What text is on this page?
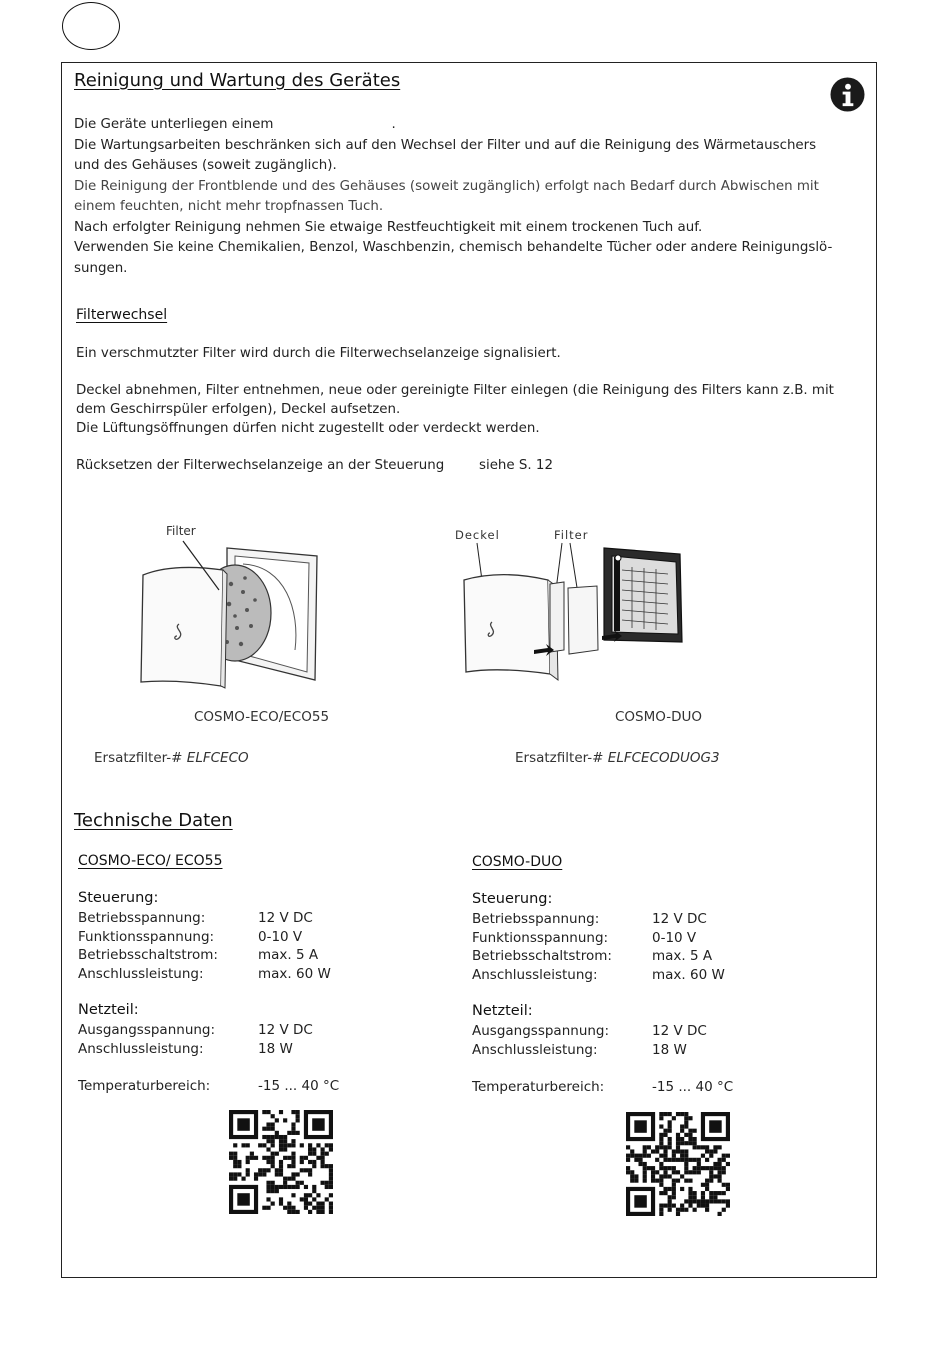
Reinigung und Wartung des Gerätes
Die Geräte unterliegen einem	.
Die Wartungsarbeiten beschränken sich auf den Wechsel der Filter und auf die Reinigung des Wärmetauschers
und des Gehäuses (soweit zugänglich).
Die Reinigung der Frontblende und des Gehäuses (soweit zugänglich) erfolgt nach Bedarf durch Abwischen mit
einem feuchten, nicht mehr tropfnassen Tuch.
Nach erfolgter Reinigung nehmen Sie etwaige Restfeuchtigkeit mit einem trockenen Tuch auf.
Verwenden Sie keine Chemikalien, Benzol, Waschbenzin, chemisch behandelte Tücher oder andere Reinigungslö-
sungen.
Filterwechsel
Ein verschmutzter Filter wird durch die Filterwechselanzeige signalisiert.
Deckel abnehmen, Filter entnehmen, neue oder gereinigte Filter einlegen (die Reinigung des Filters kann z.B. mit
dem Geschirrspüler erfolgen), Deckel aufsetzen.
Die Lüftungsöffnungen dürfen nicht zugestellt oder verdeckt werden.
Rücksetzen der Filterwechselanzeige an der Steuerung	siehe S. 12
Filter	Deckel	Filter
COSMO-ECO/ECO55	COSMO-DUO
Ersatzfilter-# ELFCECO	Ersatzfilter-# ELFCECODUOG3
Technische Daten
COSMO-ECO/ ECO55
Steuerung:
Betriebsspannung:	12 V DC
Funktionsspannung:	0-10 V
Betriebsschaltstrom:	max. 5 A
Anschlussleistung:	max. 60 W
Netzteil:
Ausgangsspannung:	12 V DC
Anschlussleistung:	18 W
Temperaturbereich:	-15 ... 40 °C
COSMO-DUO
Steuerung:
Betriebsspannung:	12 V DC
Funktionsspannung:	0-10 V
Betriebsschaltstrom:	max. 5 A
Anschlussleistung:	max. 60 W
Netzteil:
Ausgangsspannung:	12 V DC
Anschlussleistung:	18 W
Temperaturbereich:	-15 ... 40 °C
